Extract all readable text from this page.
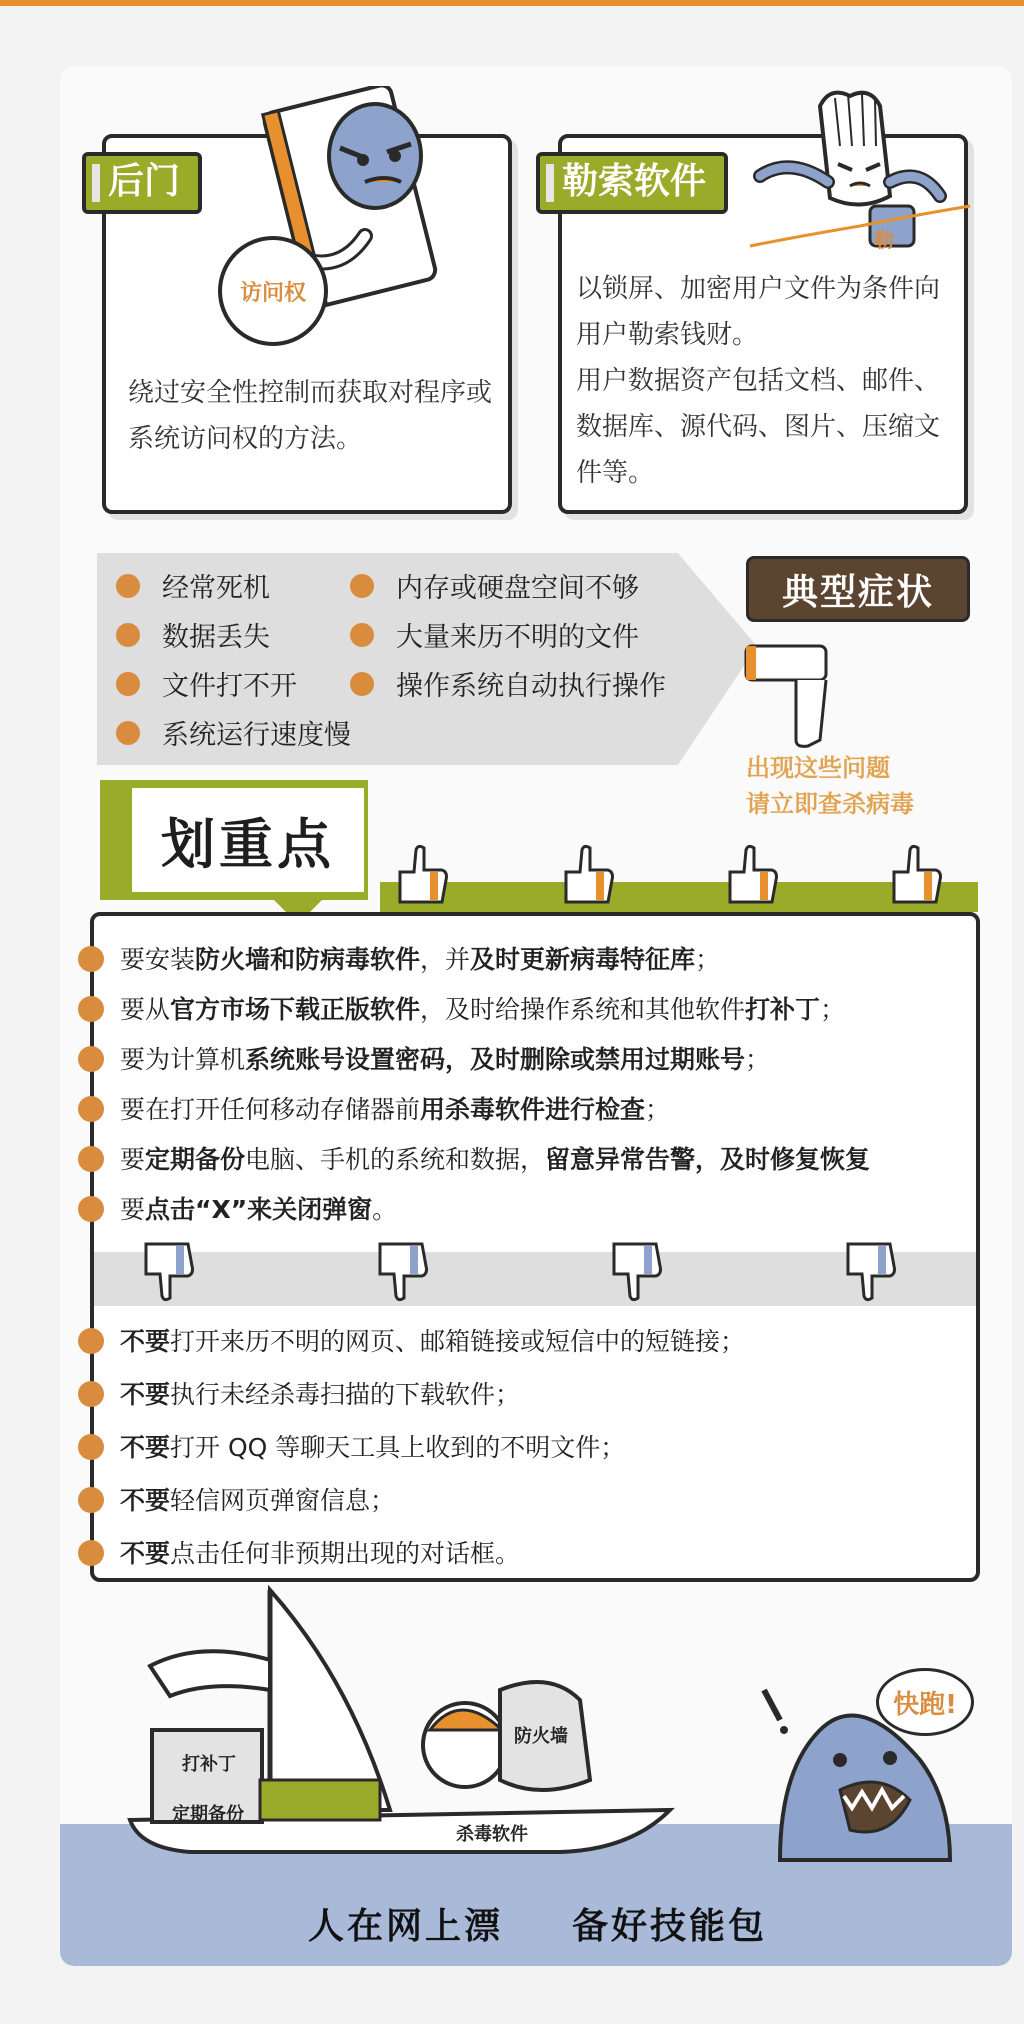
后门
访问权
绕过安全性控制而获取对程序或系统访问权的方法。
勒索软件
勒
以锁屏、加密用户文件为条件向用户勒索钱财。
用户数据资产包括文档、邮件、数据库、源代码、图片、压缩文件等。
经常死机	内存或硬盘空间不够
数据丢失	大量来历不明的文件
文件打不开	操作系统自动执行操作
系统运行速度慢
典型症状
出现这些问题
请立即查杀病毒
划重点
要安装防火墙和防病毒软件，并及时更新病毒特征库；
要从官方市场下载正版软件，及时给操作系统和其他软件打补丁；
要为计算机系统账号设置密码，及时删除或禁用过期账号；
要在打开任何移动存储器前用杀毒软件进行检查；
要定期备份电脑、手机的系统和数据，留意异常告警，及时修复恢复
要点击“X”来关闭弹窗。
不要打开来历不明的网页、邮箱链接或短信中的短链接；
不要执行未经杀毒扫描的下载软件；
不要打开 QQ 等聊天工具上收到的不明文件；
不要轻信网页弹窗信息；
不要点击任何非预期出现的对话框。
打补丁
定期备份
防火墙
杀毒软件
快跑!
人在网上漂 备好技能包
